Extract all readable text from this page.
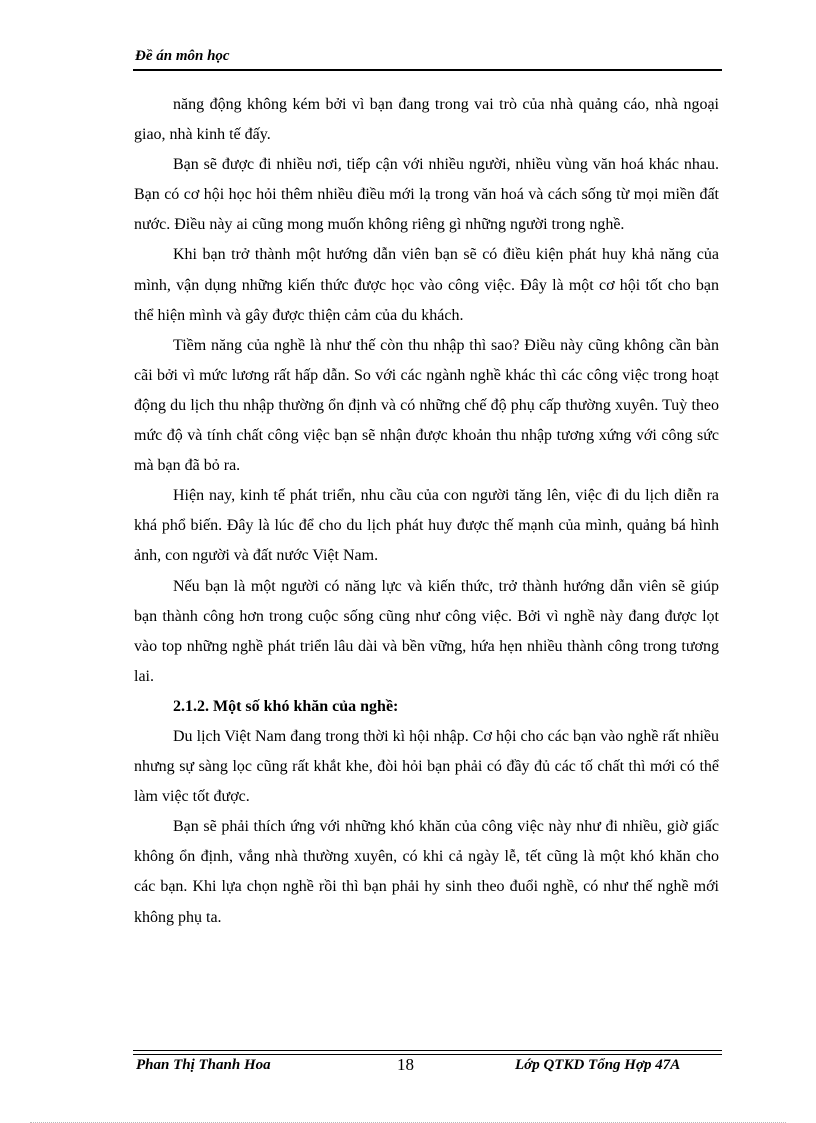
Đề án môn học

năng động không kém bởi vì bạn đang trong vai trò của nhà quảng cáo, nhà ngoại giao, nhà kinh tế đấy.

Bạn sẽ được đi nhiều nơi, tiếp cận với nhiều người, nhiều vùng văn hoá khác nhau. Bạn có cơ hội học hỏi thêm nhiều điều mới lạ trong văn hoá và cách sống từ mọi miền đất nước. Điều này ai cũng mong muốn không riêng gì những người trong nghề.

Khi bạn trở thành một hướng dẫn viên bạn sẽ có điều kiện phát huy khả năng của mình, vận dụng những kiến thức được học vào công việc. Đây là một cơ hội tốt cho bạn thể hiện mình và gây được thiện cảm của du khách.

Tiềm năng của nghề là như thế còn thu nhập thì sao? Điều này cũng không cần bàn cãi bởi vì mức lương rất hấp dẫn. So với các ngành nghề khác thì các công việc trong hoạt động du lịch thu nhập thường ổn định và có những chế độ phụ cấp thường xuyên. Tuỳ theo mức độ và tính chất công việc bạn sẽ nhận được khoản thu nhập tương xứng với công sức mà bạn đã bỏ ra.

Hiện nay, kinh tế phát triển, nhu cầu của con người tăng lên, việc đi du lịch diễn ra khá phổ biến. Đây là lúc để cho du lịch phát huy được thế mạnh của mình, quảng bá hình ảnh, con người và đất nước Việt Nam.

Nếu bạn là một người có năng lực và kiến thức, trở thành hướng dẫn viên sẽ giúp bạn thành công hơn trong cuộc sống cũng như công việc. Bởi vì nghề này đang được lọt vào top những nghề phát triển lâu dài và bền vững, hứa hẹn nhiều thành công trong tương lai.

2.1.2. Một số khó khăn của nghề:

Du lịch Việt Nam đang trong thời kì hội nhập. Cơ hội cho các bạn vào nghề rất nhiều nhưng sự sàng lọc cũng rất khắt khe, đòi hỏi bạn phải có đầy đủ các tố chất thì mới có thể làm việc tốt được.

Bạn sẽ phải thích ứng với những khó khăn của công việc này như đi nhiều, giờ giấc không ổn định, vắng nhà thường xuyên, có khi cả ngày lễ, tết cũng là một khó khăn cho các bạn. Khi lựa chọn nghề rồi thì bạn phải hy sinh theo đuổi nghề, có như thế nghề mới không phụ ta.

Phan Thị Thanh Hoa	18	Lớp QTKD Tổng Hợp 47A
